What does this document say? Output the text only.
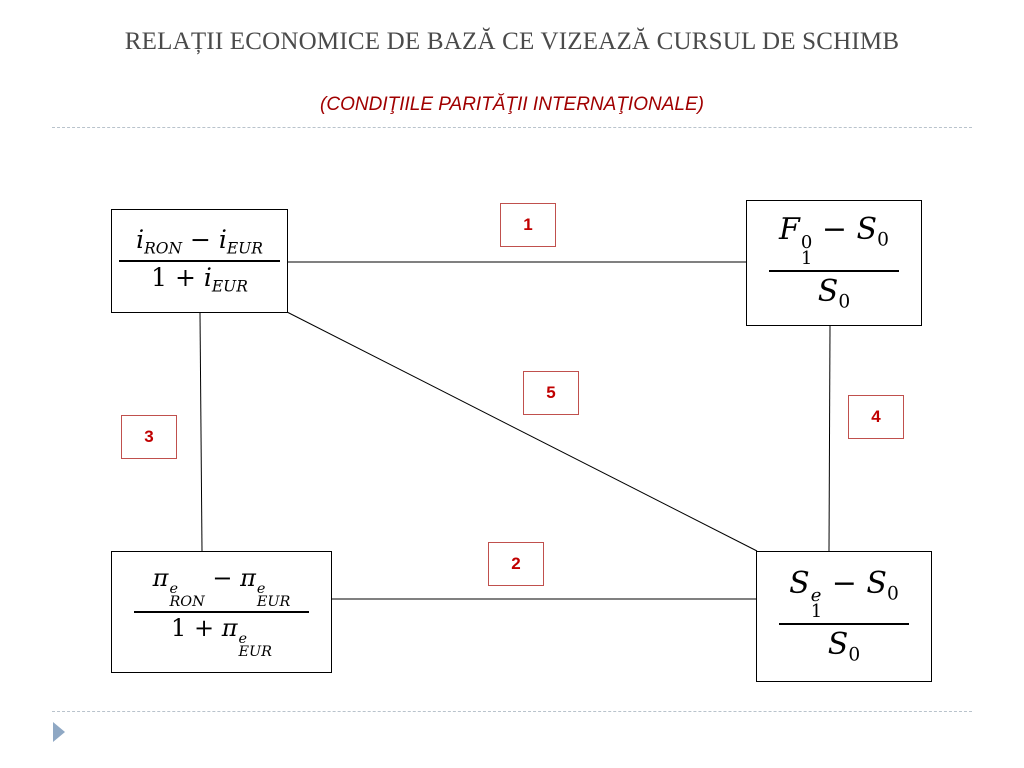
RELAȚII ECONOMICE DE BAZĂ CE VIZEAZĂ CURSUL DE SCHIMB
(CONDIŢIILE PARITĂŢII INTERNAŢIONALE)
$i_{RON} - i_{EUR}$
$1 + i_{EUR}$
F 0
1
− $S_0$
$S_0$
π e
RON
− π e
EUR
1 + π e
EUR
S e
1
− $S_0$
$S_0$
1
5
3
4
2
